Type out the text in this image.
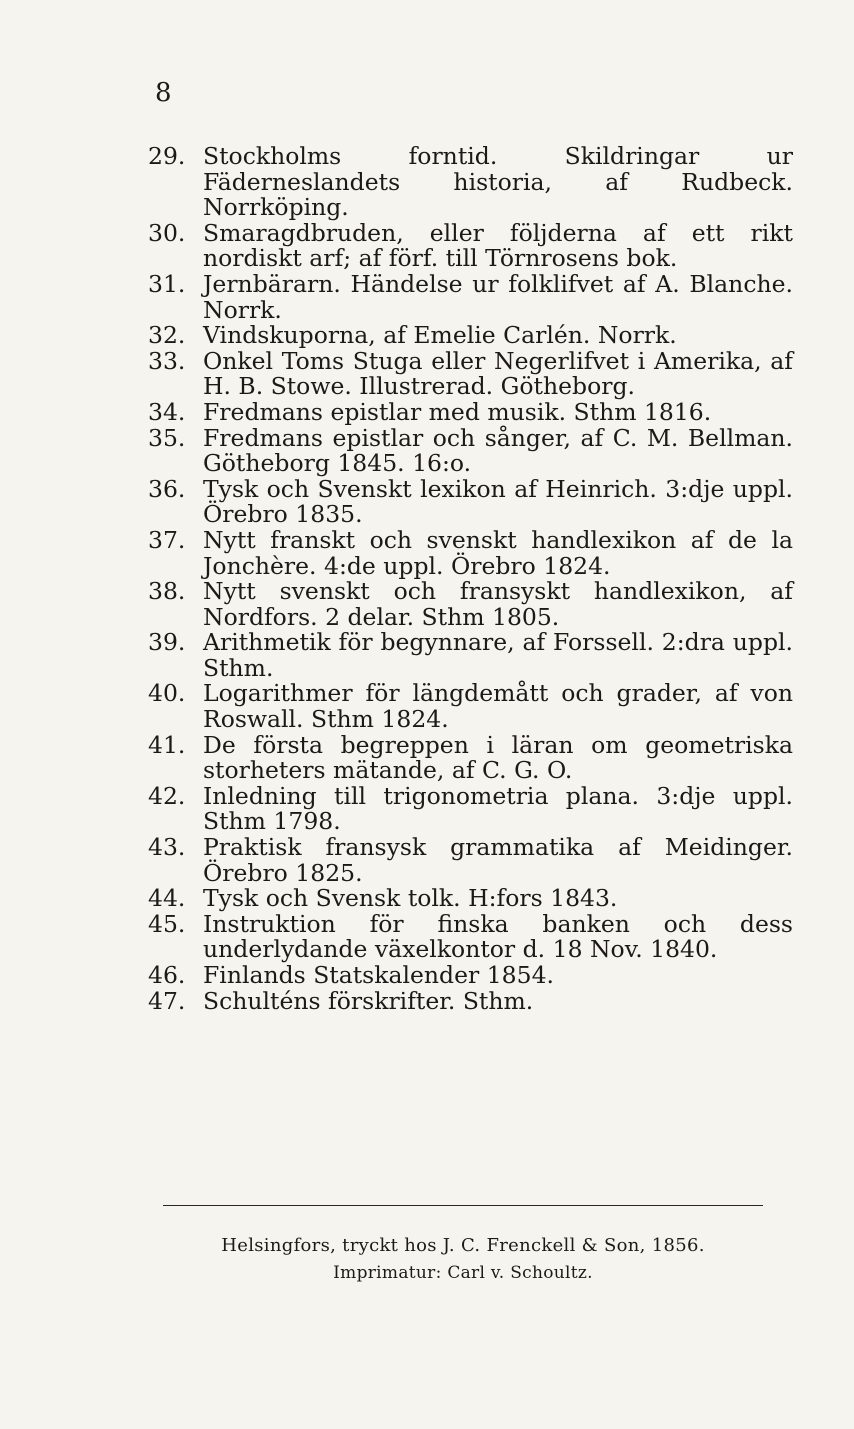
8
29. Stockholms forntid. Skildringar ur Fäderneslandets historia, af Rudbeck. Norrköping.
30. Smaragdbruden, eller följderna af ett rikt nordiskt arf; af förf. till Törnrosens bok.
31. Jernbärarn. Händelse ur folklifvet af A. Blanche. Norrk.
32. Vindskuporna, af Emelie Carlén. Norrk.
33. Onkel Toms Stuga eller Negerlifvet i Amerika, af H. B. Stowe. Illustrerad. Götheborg.
34. Fredmans epistlar med musik. Sthm 1816.
35. Fredmans epistlar och sånger, af C. M. Bellman. Götheborg 1845. 16:o.
36. Tysk och Svenskt lexikon af Heinrich. 3:dje uppl. Örebro 1835.
37. Nytt franskt och svenskt handlexikon af de la Jonchère. 4:de uppl. Örebro 1824.
38. Nytt svenskt och fransyskt handlexikon, af Nordfors. 2 delar. Sthm 1805.
39. Arithmetik för begynnare, af Forssell. 2:dra uppl. Sthm.
40. Logarithmer för längdemått och grader, af von Roswall. Sthm 1824.
41. De första begreppen i läran om geometriska storheters mätande, af C. G. O.
42. Inledning till trigonometria plana. 3:dje uppl. Sthm 1798.
43. Praktisk fransysk grammatika af Meidinger. Örebro 1825.
44. Tysk och Svensk tolk. H:fors 1843.
45. Instruktion för finska banken och dess underlydande växelkontor d. 18 Nov. 1840.
46. Finlands Statskalender 1854.
47. Schulténs förskrifter. Sthm.
Helsingfors, tryckt hos J. C. Frenckell & Son, 1856.
Imprimatur: Carl v. Schoultz.
